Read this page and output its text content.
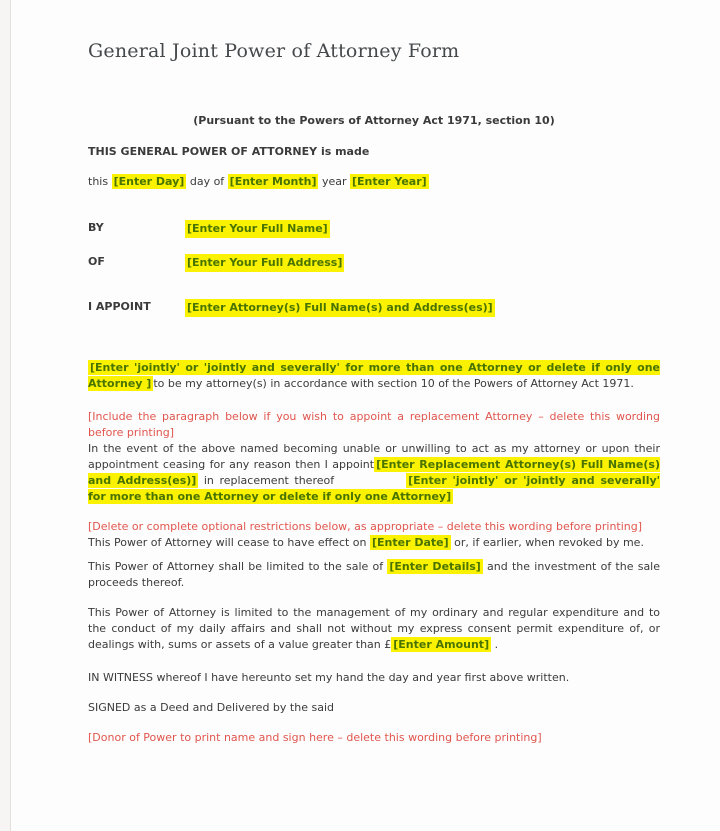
General Joint Power of Attorney Form

(Pursuant to the Powers of Attorney Act 1971, section 10)

THIS GENERAL POWER OF ATTORNEY is made

this [Enter Day] day of [Enter Month] year [Enter Year]

BY	[Enter Your Full Name]
OF	[Enter Your Full Address]
I APPOINT	[Enter Attorney(s) Full Name(s) and Address(es)]

[Enter 'jointly' or 'jointly and severally' for more than one Attorney or delete if only one Attorney ] to be my attorney(s) in accordance with section 10 of the Powers of Attorney Act 1971.

[Include the paragraph below if you wish to appoint a replacement Attorney – delete this wording before printing]
In the event of the above named becoming unable or unwilling to act as my attorney or upon their appointment ceasing for any reason then I appoint [Enter Replacement Attorney(s) Full Name(s) and Address(es)] in replacement thereof	[Enter 'jointly' or 'jointly and severally' for more than one Attorney or delete if only one Attorney]

[Delete or complete optional restrictions below, as appropriate – delete this wording before printing]
This Power of Attorney will cease to have effect on [Enter Date] or, if earlier, when revoked by me.

This Power of Attorney shall be limited to the sale of [Enter Details] and the investment of the sale proceeds thereof.

This Power of Attorney is limited to the management of my ordinary and regular expenditure and to the conduct of my daily affairs and shall not without my express consent permit expenditure of, or dealings with, sums or assets of a value greater than £ [Enter Amount] .

IN WITNESS whereof I have hereunto set my hand the day and year first above written.

SIGNED as a Deed and Delivered by the said

[Donor of Power to print name and sign here – delete this wording before printing]
